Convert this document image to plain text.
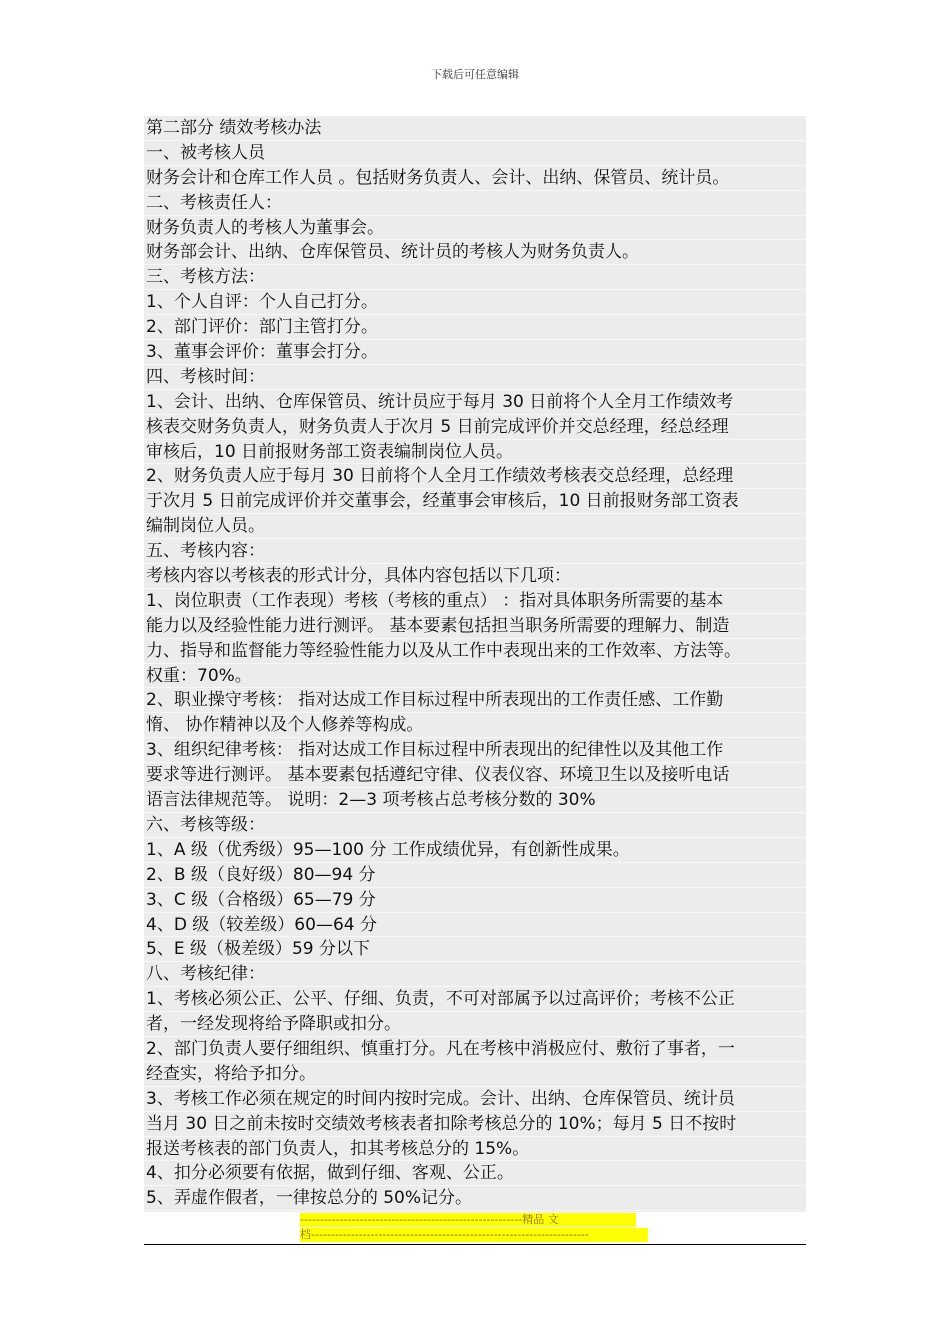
下载后可任意编辑
第二部分 绩效考核办法
一、被考核人员
财务会计和仓库工作人员 。包括财务负责人、会计、出纳、保管员、统计员。
二、考核责任人：
财务负责人的考核人为董事会。
财务部会计、出纳、仓库保管员、统计员的考核人为财务负责人。
三、考核方法：
1、个人自评：个人自己打分。
2、部门评价：部门主管打分。
3、董事会评价：董事会打分。
四、考核时间：
1、会计、出纳、仓库保管员、统计员应于每月 30 日前将个人全月工作绩效考
核表交财务负责人，财务负责人于次月 5 日前完成评价并交总经理，经总经理
审核后，10 日前报财务部工资表编制岗位人员。
2、财务负责人应于每月 30 日前将个人全月工作绩效考核表交总经理，总经理
于次月 5 日前完成评价并交董事会，经董事会审核后，10 日前报财务部工资表
编制岗位人员。
五、考核内容：
考核内容以考核表的形式计分，具体内容包括以下几项：
1、岗位职责（工作表现）考核（考核的重点） ：指对具体职务所需要的基本
能力以及经验性能力进行测评。 基本要素包括担当职务所需要的理解力、制造
力、指导和监督能力等经验性能力以及从工作中表现出来的工作效率、方法等。
权重：70%。
2、职业操守考核： 指对达成工作目标过程中所表现出的工作责任感、工作勤
惰、 协作精神以及个人修养等构成。
3、组织纪律考核： 指对达成工作目标过程中所表现出的纪律性以及其他工作
要求等进行测评。 基本要素包括遵纪守律、仪表仪容、环境卫生以及接听电话
语言法律规范等。 说明：2—3 项考核占总考核分数的 30%
六、考核等级：
1、A 级（优秀级）95—100 分 工作成绩优异，有创新性成果。
2、B 级（良好级）80—94 分
3、C 级（合格级）65—79 分
4、D 级（较差级）60—64 分
5、E 级（极差级）59 分以下
八、考核纪律：
1、考核必须公正、公平、仔细、负责，不可对部属予以过高评价；考核不公正
者，一经发现将给予降职或扣分。
2、部门负责人要仔细组织、慎重打分。凡在考核中消极应付、敷衍了事者，一
经查实，将给予扣分。
3、考核工作必须在规定的时间内按时完成。会计、出纳、仓库保管员、统计员
当月 30 日之前未按时交绩效考核表者扣除考核总分的 10%；每月 5 日不按时
报送考核表的部门负责人，扣其考核总分的 15%。
4、扣分必须要有依据，做到仔细、客观、公正。
5、弄虚作假者，一律按总分的 50%记分。
--------------------------------------------------------精品 文
档----------------------------------------------------------------------
